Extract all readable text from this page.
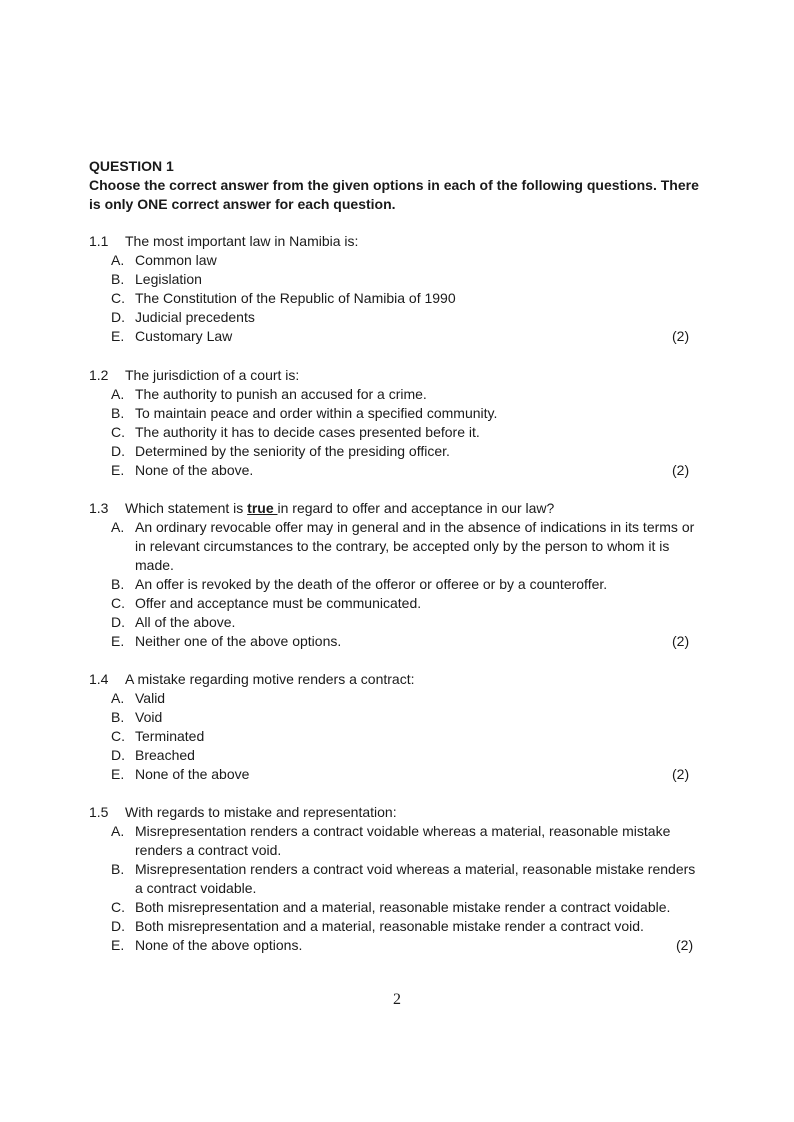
QUESTION 1

Choose the correct answer from the given options in each of the following questions. There is only ONE correct answer for each question.

1.1	The most important law in Namibia is:
A. Common law
B. Legislation
C. The Constitution of the Republic of Namibia of 1990
D. Judicial precedents
E. Customary Law	(2)
1.2	The jurisdiction of a court is:
A. The authority to punish an accused for a crime.
B. To maintain peace and order within a specified community.
C. The authority it has to decide cases presented before it.
D. Determined by the seniority of the presiding officer.
E. None of the above.	(2)
1.3	Which statement is true in regard to offer and acceptance in our law?
A. An ordinary revocable offer may in general and in the absence of indications in its terms or in relevant circumstances to the contrary, be accepted only by the person to whom it is made.
B. An offer is revoked by the death of the offeror or offeree or by a counteroffer.
C. Offer and acceptance must be communicated.
D. All of the above.
E. Neither one of the above options.	(2)
1.4	A mistake regarding motive renders a contract:
A. Valid
B. Void
C. Terminated
D. Breached
E. None of the above	(2)
1.5	With regards to mistake and representation:
A. Misrepresentation renders a contract voidable whereas a material, reasonable mistake renders a contract void.
B. Misrepresentation renders a contract void whereas a material, reasonable mistake renders a contract voidable.
C. Both misrepresentation and a material, reasonable mistake render a contract voidable.
D. Both misrepresentation and a material, reasonable mistake render a contract void.
E. None of the above options.	(2)
2
